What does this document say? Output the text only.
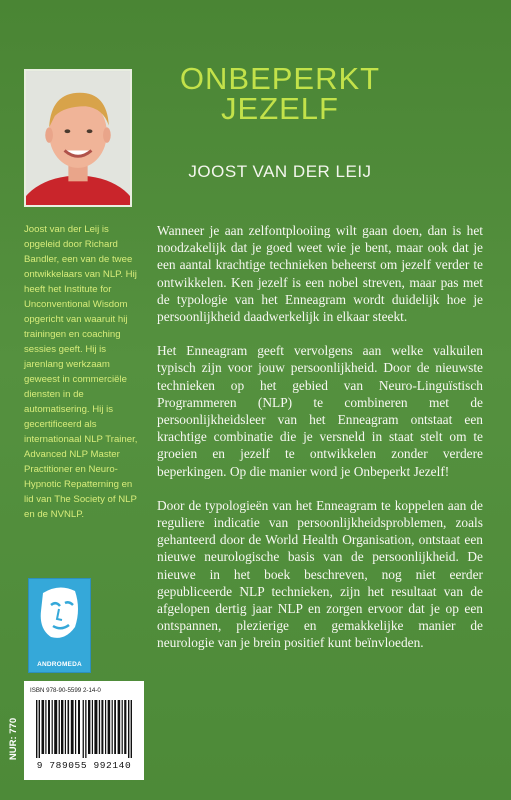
ONBEPERKT
JEZELF
JOOST VAN DER LEIJ
Joost van der Leij is opgeleid door Richard Bandler, een van de twee ontwikkelaars van NLP. Hij heeft het Institute for Unconventional Wisdom opgericht van waaruit hij trainingen en coaching sessies geeft. Hij is jarenlang werkzaam geweest in commerciële diensten in de automatisering. Hij is gecertificeerd als internationaal NLP Trainer, Advanced NLP Master Practitioner en Neuro-Hypnotic Repatterning en lid van The Society of NLP en de NVNLP.

Wanneer je aan zelfontplooiing wilt gaan doen, dan is het noodzakelijk dat je goed weet wie je bent, maar ook dat je een aantal krachtige technieken beheerst om jezelf verder te ontwikkelen. Ken jezelf is een nobel streven, maar pas met de typologie van het Enneagram wordt duidelijk hoe je persoonlijkheid daadwerkelijk in elkaar steekt.

Het Enneagram geeft vervolgens aan welke valkuilen typisch zijn voor jouw persoonlijkheid. Door de nieuwste technieken op het gebied van Neuro-Linguïstisch Programmeren (NLP) te combineren met de persoonlijkheidsleer van het Enneagram ontstaat een krachtige combinatie die je versneld in staat stelt om te groeien en jezelf te ontwikkelen zonder verdere beperkingen. Op die manier word je Onbeperkt Jezelf!

Door de typologieën van het Enneagram te koppelen aan de reguliere indicatie van persoonlijkheidsproblemen, zoals gehanteerd door de World Health Organisation, ontstaat een nieuwe neurologische basis van de persoonlijkheid. De nieuwe in het boek beschreven, nog niet eerder gepubliceerde NLP technieken, zijn het resultaat van de afgelopen dertig jaar NLP en zorgen ervoor dat je op een ontspannen, plezierige en gemakkelijke manier de neurologie van je brein positief kunt beïnvloeden.

ANDROMEDA
NUR: 770
ISBN 978-90-5599 2-14-0
9 789055 992140
